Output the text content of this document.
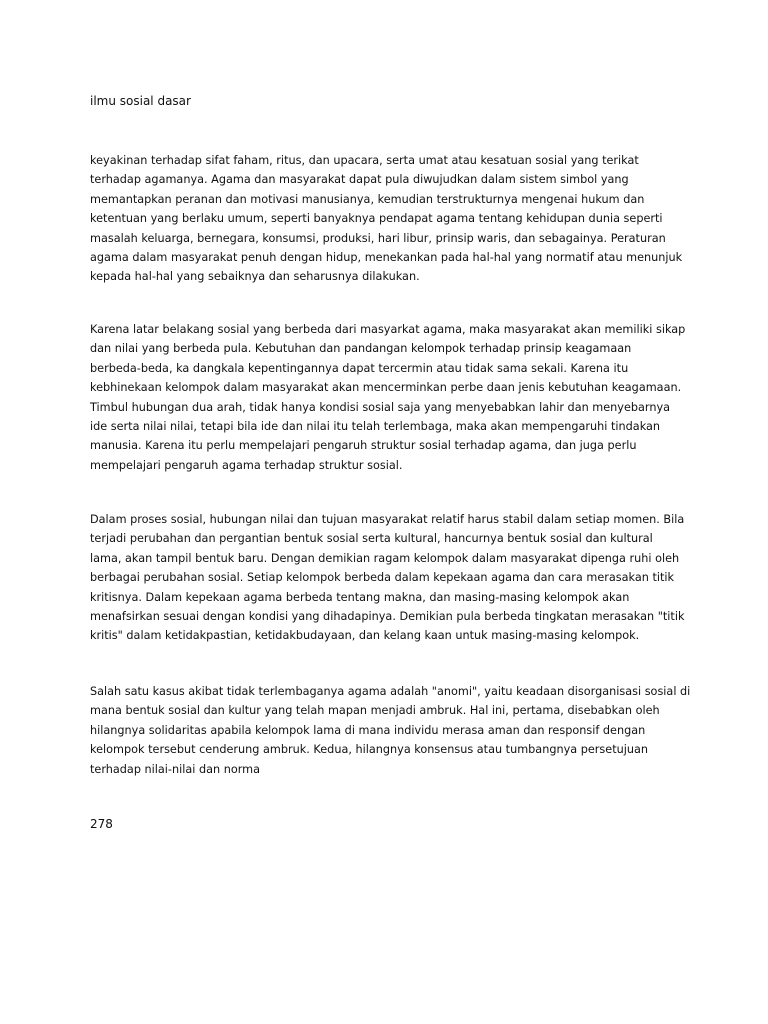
ilmu sosial dasar
keyakinan terhadap sifat faham, ritus, dan upacara, serta umat atau kesatuan sosial yang terikat
terhadap agamanya. Agama dan masyarakat dapat pula diwujudkan dalam sistem simbol yang
memantapkan peranan dan motivasi manusianya, kemudian terstrukturnya mengenai hukum dan
ketentuan yang berlaku umum, seperti banyaknya pendapat agama tentang kehidupan dunia seperti
masalah keluarga, bernegara, konsumsi, produksi, hari libur, prinsip waris, dan sebagainya. Peraturan
agama dalam masyarakat penuh dengan hidup, menekankan pada hal-hal yang normatif atau menunjuk
kepada hal-hal yang sebaiknya dan seharusnya dilakukan.
Karena latar belakang sosial yang berbeda dari masyarkat agama, maka masyarakat akan memiliki sikap
dan nilai yang berbeda pula. Kebutuhan dan pandangan kelompok terhadap prinsip keagamaan
berbeda-beda, ka dangkala kepentingannya dapat tercermin atau tidak sama sekali. Karena itu
kebhinekaan kelompok dalam masyarakat akan mencerminkan perbe daan jenis kebutuhan keagamaan.
Timbul hubungan dua arah, tidak hanya kondisi sosial saja yang menyebabkan lahir dan menyebarnya
ide serta nilai nilai, tetapi bila ide dan nilai itu telah terlembaga, maka akan mempengaruhi tindakan
manusia. Karena itu perlu mempelajari pengaruh struktur sosial terhadap agama, dan juga perlu
mempelajari pengaruh agama terhadap struktur sosial.
Dalam proses sosial, hubungan nilai dan tujuan masyarakat relatif harus stabil dalam setiap momen. Bila
terjadi perubahan dan pergantian bentuk sosial serta kultural, hancurnya bentuk sosial dan kultural
lama, akan tampil bentuk baru. Dengan demikian ragam kelompok dalam masyarakat dipenga ruhi oleh
berbagai perubahan sosial. Setiap kelompok berbeda dalam kepekaan agama dan cara merasakan titik
kritisnya. Dalam kepekaan agama berbeda tentang makna, dan masing-masing kelompok akan
menafsirkan sesuai dengan kondisi yang dihadapinya. Demikian pula berbeda tingkatan merasakan "titik
kritis" dalam ketidakpastian, ketidakbudayaan, dan kelang kaan untuk masing-masing kelompok.
Salah satu kasus akibat tidak terlembaganya agama adalah "anomi", yaitu keadaan disorganisasi sosial di
mana bentuk sosial dan kultur yang telah mapan menjadi ambruk. Hal ini, pertama, disebabkan oleh
hilangnya solidaritas apabila kelompok lama di mana individu merasa aman dan responsif dengan
kelompok tersebut cenderung ambruk. Kedua, hilangnya konsensus atau tumbangnya persetujuan
terhadap nilai-nilai dan norma
278
